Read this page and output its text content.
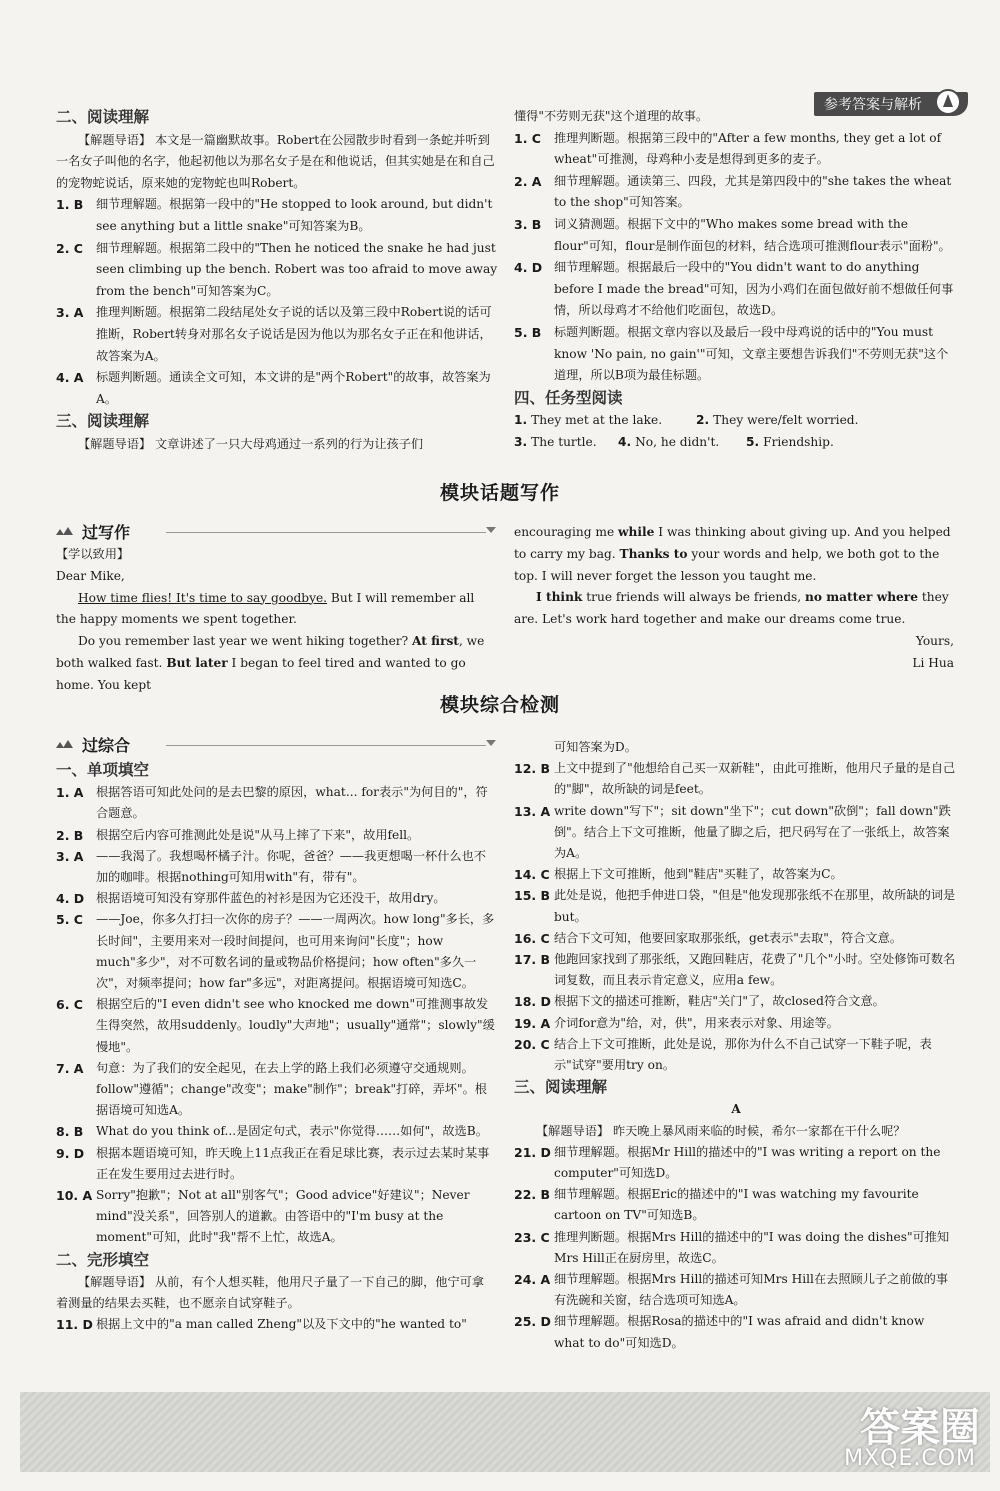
参考答案与解析
二、阅读理解
【解题导语】 本文是一篇幽默故事。Robert在公园散步时看到一条蛇并听到一名女子叫他的名字，他起初他以为那名女子是在和他说话，但其实她是在和自己的宠物蛇说话，原来她的宠物蛇也叫Robert。
1. B 细节理解题。根据第一段中的"He stopped to look around, but didn't see anything but a little snake"可知答案为B。
2. C 细节理解题。根据第二段中的"Then he noticed the snake he had just seen climbing up the bench. Robert was too afraid to move away from the bench"可知答案为C。
3. A 推理判断题。根据第二段结尾处女子说的话以及第三段中Robert说的话可推断，Robert转身对那名女子说话是因为他以为那名女子正在和他讲话，故答案为A。
4. A 标题判断题。通读全文可知，本文讲的是"两个Robert"的故事，故答案为A。
三、阅读理解
【解题导语】 文章讲述了一只大母鸡通过一系列的行为让孩子们
懂得"不劳则无获"这个道理的故事。
1. C 推理判断题。根据第三段中的"After a few months, they get a lot of wheat"可推测，母鸡种小麦是想得到更多的麦子。
2. A 细节理解题。通读第三、四段，尤其是第四段中的"she takes the wheat to the shop"可知答案。
3. B 词义猜测题。根据下文中的"Who makes some bread with the flour"可知，flour是制作面包的材料，结合选项可推测flour表示"面粉"。
4. D 细节理解题。根据最后一段中的"You didn't want to do anything before I made the bread"可知，因为小鸡们在面包做好前不想做任何事情，所以母鸡才不给他们吃面包，故选D。
5. B 标题判断题。根据文章内容以及最后一段中母鸡说的话中的"You must know 'No pain, no gain'"可知，文章主要想告诉我们"不劳则无获"这个道理，所以B项为最佳标题。
四、任务型阅读
1. They met at the lake.	2. They were/felt worried.3. The turtle. 4. No, he didn't. 5. Friendship.
模块话题写作
过写作

【学以致用】

Dear Mike,

How time flies! It's time to say goodbye. But I will remember all the happy moments we spent together.

Do you remember last year we went hiking together? At first, we both walked fast. But later I began to feel tired and wanted to go home. You kept

encouraging me while I was thinking about giving up. And you helped to carry my bag. Thanks to your words and help, we both got to the top. I will never forget the lesson you taught me.

I think true friends will always be friends, no matter where they are. Let's work hard together and make our dreams come true.

Yours,

Li Hua

模块综合检测
过综合
一、单项填空
1. A 根据答语可知此处问的是去巴黎的原因，what... for表示"为何目的"，符合题意。
2. B 根据空后内容可推测此处是说"从马上摔了下来"，故用fell。
3. A ——我渴了。我想喝杯橘子汁。你呢，爸爸？——我更想喝一杯什么也不加的咖啡。根据nothing可知用with"有，带有"。
4. D 根据语境可知没有穿那件蓝色的衬衫是因为它还没干，故用dry。
5. C ——Joe，你多久打扫一次你的房子？——一周两次。how long"多长，多长时间"，主要用来对一段时间提问，也可用来询问"长度"；how much"多少"，对不可数名词的量或物品价格提问；how often"多久一次"，对频率提问；how far"多远"，对距离提问。根据语境可知选C。
6. C 根据空后的"I even didn't see who knocked me down"可推测事故发生得突然，故用suddenly。loudly"大声地"；usually"通常"；slowly"缓慢地"。
7. A 句意：为了我们的安全起见，在去上学的路上我们必须遵守交通规则。follow"遵循"；change"改变"；make"制作"；break"打碎，弄坏"。根据语境可知选A。
8. B What do you think of...是固定句式，表示"你觉得……如何"，故选B。
9. D 根据本题语境可知，昨天晚上11点我正在看足球比赛，表示过去某时某事正在发生要用过去进行时。
10. A Sorry"抱歉"；Not at all"别客气"；Good advice"好建议"；Never mind"没关系"，回答别人的道歉。由答语中的"I'm busy at the moment"可知，此时"我"帮不上忙，故选A。
二、完形填空
【解题导语】 从前，有个人想买鞋，他用尺子量了一下自己的脚，他宁可拿着测量的结果去买鞋，也不愿亲自试穿鞋子。
11. D 根据上文中的"a man called Zheng"以及下文中的"he wanted to"
可知答案为D。
12. B 上文中提到了"他想给自己买一双新鞋"，由此可推断，他用尺子量的是自己的"脚"，故所缺的词是feet。
13. A write down"写下"；sit down"坐下"；cut down"砍倒"；fall down"跌倒"。结合上下文可推断，他量了脚之后，把尺码写在了一张纸上，故答案为A。
14. C 根据上下文可推断，他到"鞋店"买鞋了，故答案为C。
15. B 此处是说，他把手伸进口袋，"但是"他发现那张纸不在那里，故所缺的词是but。
16. C 结合下文可知，他要回家取那张纸，get表示"去取"，符合文意。
17. B 他跑回家找到了那张纸，又跑回鞋店，花费了"几个"小时。空处修饰可数名词复数，而且表示肯定意义，应用a few。
18. D 根据下文的描述可推断，鞋店"关门"了，故closed符合文意。
19. A 介词for意为"给，对，供"，用来表示对象、用途等。
20. C 结合上下文可推断，此处是说，那你为什么不自己试穿一下鞋子呢，表示"试穿"要用try on。
三、阅读理解
A
【解题导语】 昨天晚上暴风雨来临的时候，希尔一家都在干什么呢？
21. D 细节理解题。根据Mr Hill的描述中的"I was writing a report on the computer"可知选D。
22. B 细节理解题。根据Eric的描述中的"I was watching my favourite cartoon on TV"可知选B。
23. C 推理判断题。根据Mrs Hill的描述中的"I was doing the dishes"可推知Mrs Hill正在厨房里，故选C。
24. A 细节理解题。根据Mrs Hill的描述可知Mrs Hill在去照顾儿子之前做的事有洗碗和关窗，结合选项可知选A。
25. D 细节理解题。根据Rosa的描述中的"I was afraid and didn't know what to do"可知选D。
答案圈
MXQE.COM
